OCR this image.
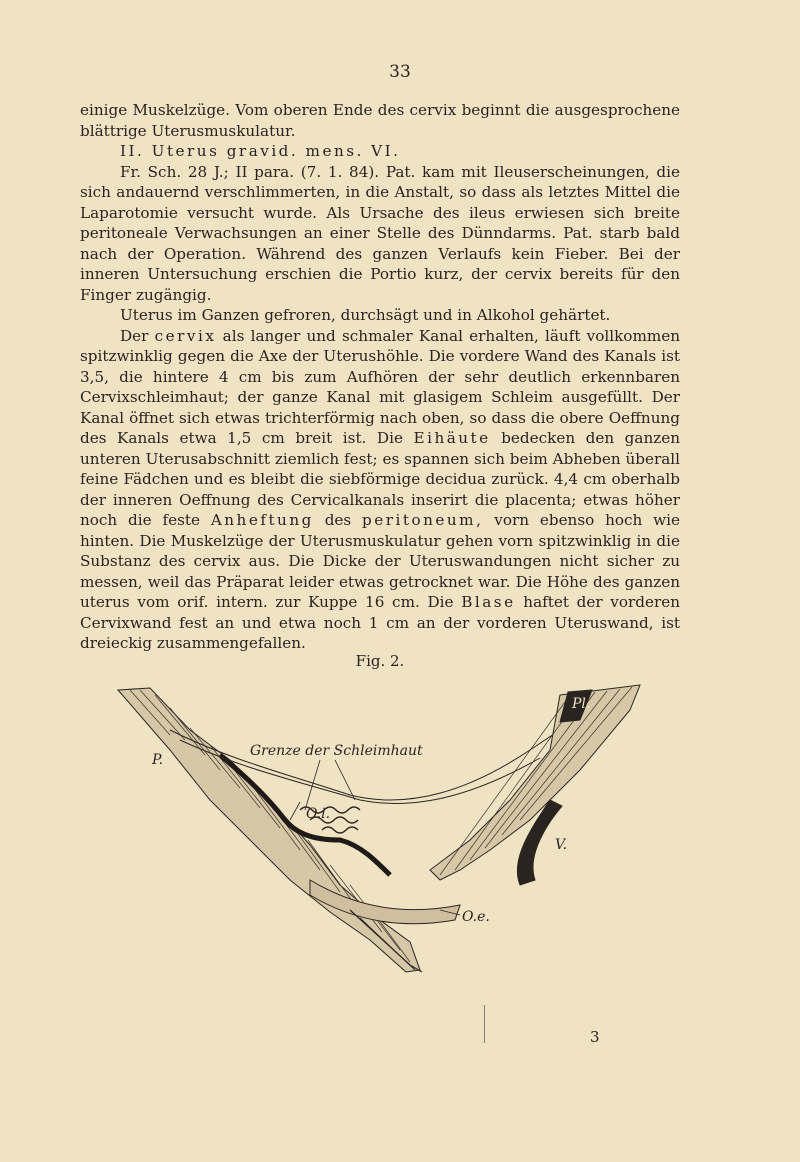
33

einige Muskelzüge. Vom oberen Ende des cervix beginnt die ausgesprochene blättrige Uterusmuskulatur.

II. Uterus gravid. mens. VI.

Fr. Sch. 28 J.; II para. (7. 1. 84). Pat. kam mit Ileuserscheinungen, die sich andauernd verschlimmerten, in die Anstalt, so dass als letztes Mittel die Laparotomie versucht wurde. Als Ursache des ileus erwiesen sich breite peritoneale Verwachsungen an einer Stelle des Dünndarms. Pat. starb bald nach der Operation. Während des ganzen Verlaufs kein Fieber. Bei der inneren Untersuchung erschien die Portio kurz, der cervix bereits für den Finger zugängig.

Uterus im Ganzen gefroren, durchsägt und in Alkohol gehärtet.

Der cervix als langer und schmaler Kanal erhalten, läuft vollkommen spitzwinklig gegen die Axe der Uterushöhle. Die vordere Wand des Kanals ist 3,5, die hintere 4 cm bis zum Aufhören der sehr deutlich erkennbaren Cervixschleimhaut; der ganze Kanal mit glasigem Schleim ausgefüllt. Der Kanal öffnet sich etwas trichterförmig nach oben, so dass die obere Oeffnung des Kanals etwa 1,5 cm breit ist. Die Eihäute bedecken den ganzen unteren Uterusabschnitt ziemlich fest; es spannen sich beim Abheben überall feine Fädchen und es bleibt die siebförmige decidua zurück. 4,4 cm oberhalb der inneren Oeffnung des Cervicalkanals inserirt die placenta; etwas höher noch die feste Anheftung des peritoneum, vorn ebenso hoch wie hinten. Die Muskelzüge der Uterusmuskulatur gehen vorn spitzwinklig in die Substanz des cervix aus. Die Dicke der Uteruswandungen nicht sicher zu messen, weil das Präparat leider etwas getrocknet war. Die Höhe des ganzen uterus vom orif. intern. zur Kuppe 16 cm. Die Blase haftet der vorderen Cervixwand fest an und etwa noch 1 cm an der vorderen Uteruswand, ist dreieckig zusammengefallen.

Fig. 2.
Grenze der Schleimhaut
P.
Pl.
O.i.
V.
O.e.
3
